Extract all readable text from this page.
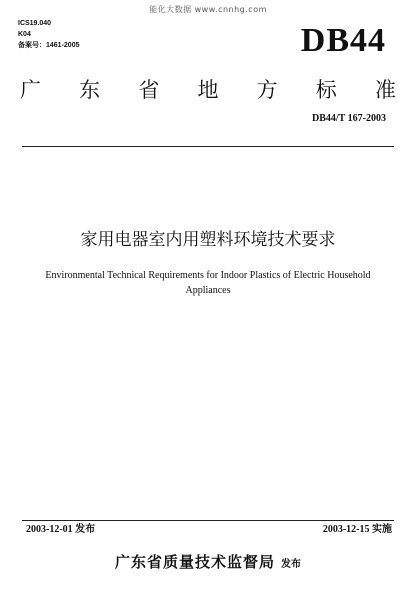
能化大数据 www.cnnhg.com
ICS19.040
K04
备案号：1461-2005	DB44
广 东 省 地 方 标 准
DB44/T 167-2003
家用电器室内用塑料环境技术要求
Environmental Technical Requirements for Indoor Plastics of Electric Household
Appliances
2003-12-01 发布	2003-12-15 实施
广东省质量技术监督局 发布
